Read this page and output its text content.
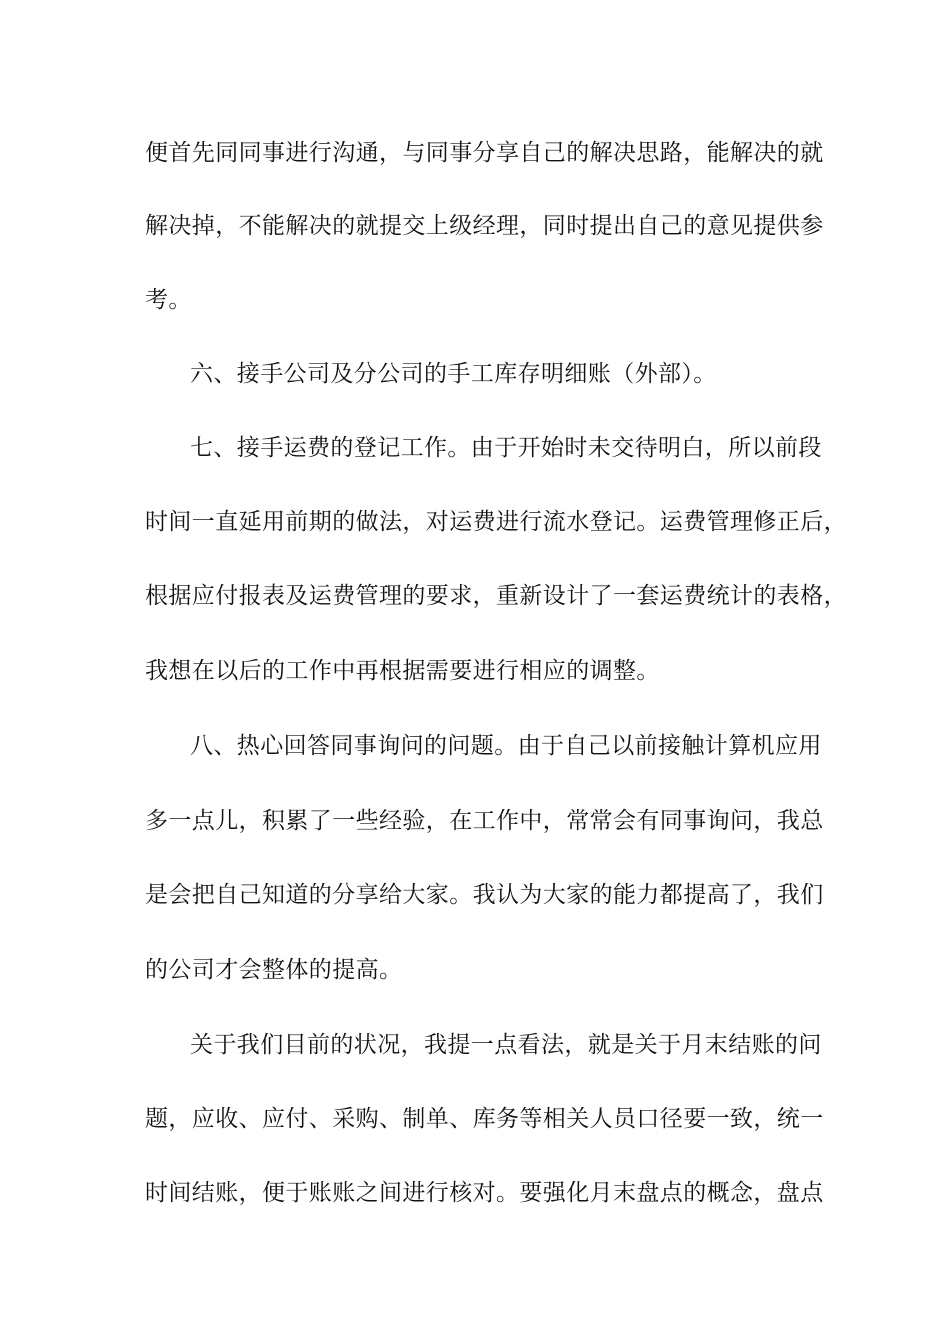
便首先同同事进行沟通，与同事分享自己的解决思路，能解决的就
解决掉，不能解决的就提交上级经理，同时提出自己的意见提供参
考。
六、接手公司及分公司的手工库存明细账（外部）。
七、接手运费的登记工作。由于开始时未交待明白，所以前段
时间一直延用前期的做法，对运费进行流水登记。运费管理修正后，
根据应付报表及运费管理的要求，重新设计了一套运费统计的表格，
我想在以后的工作中再根据需要进行相应的调整。
八、热心回答同事询问的问题。由于自己以前接触计算机应用
多一点儿，积累了一些经验，在工作中，常常会有同事询问，我总
是会把自己知道的分享给大家。我认为大家的能力都提高了，我们
的公司才会整体的提高。
关于我们目前的状况，我提一点看法，就是关于月末结账的问
题，应收、应付、采购、制单、库务等相关人员口径要一致，统一
时间结账，便于账账之间进行核对。要强化月末盘点的概念，盘点
